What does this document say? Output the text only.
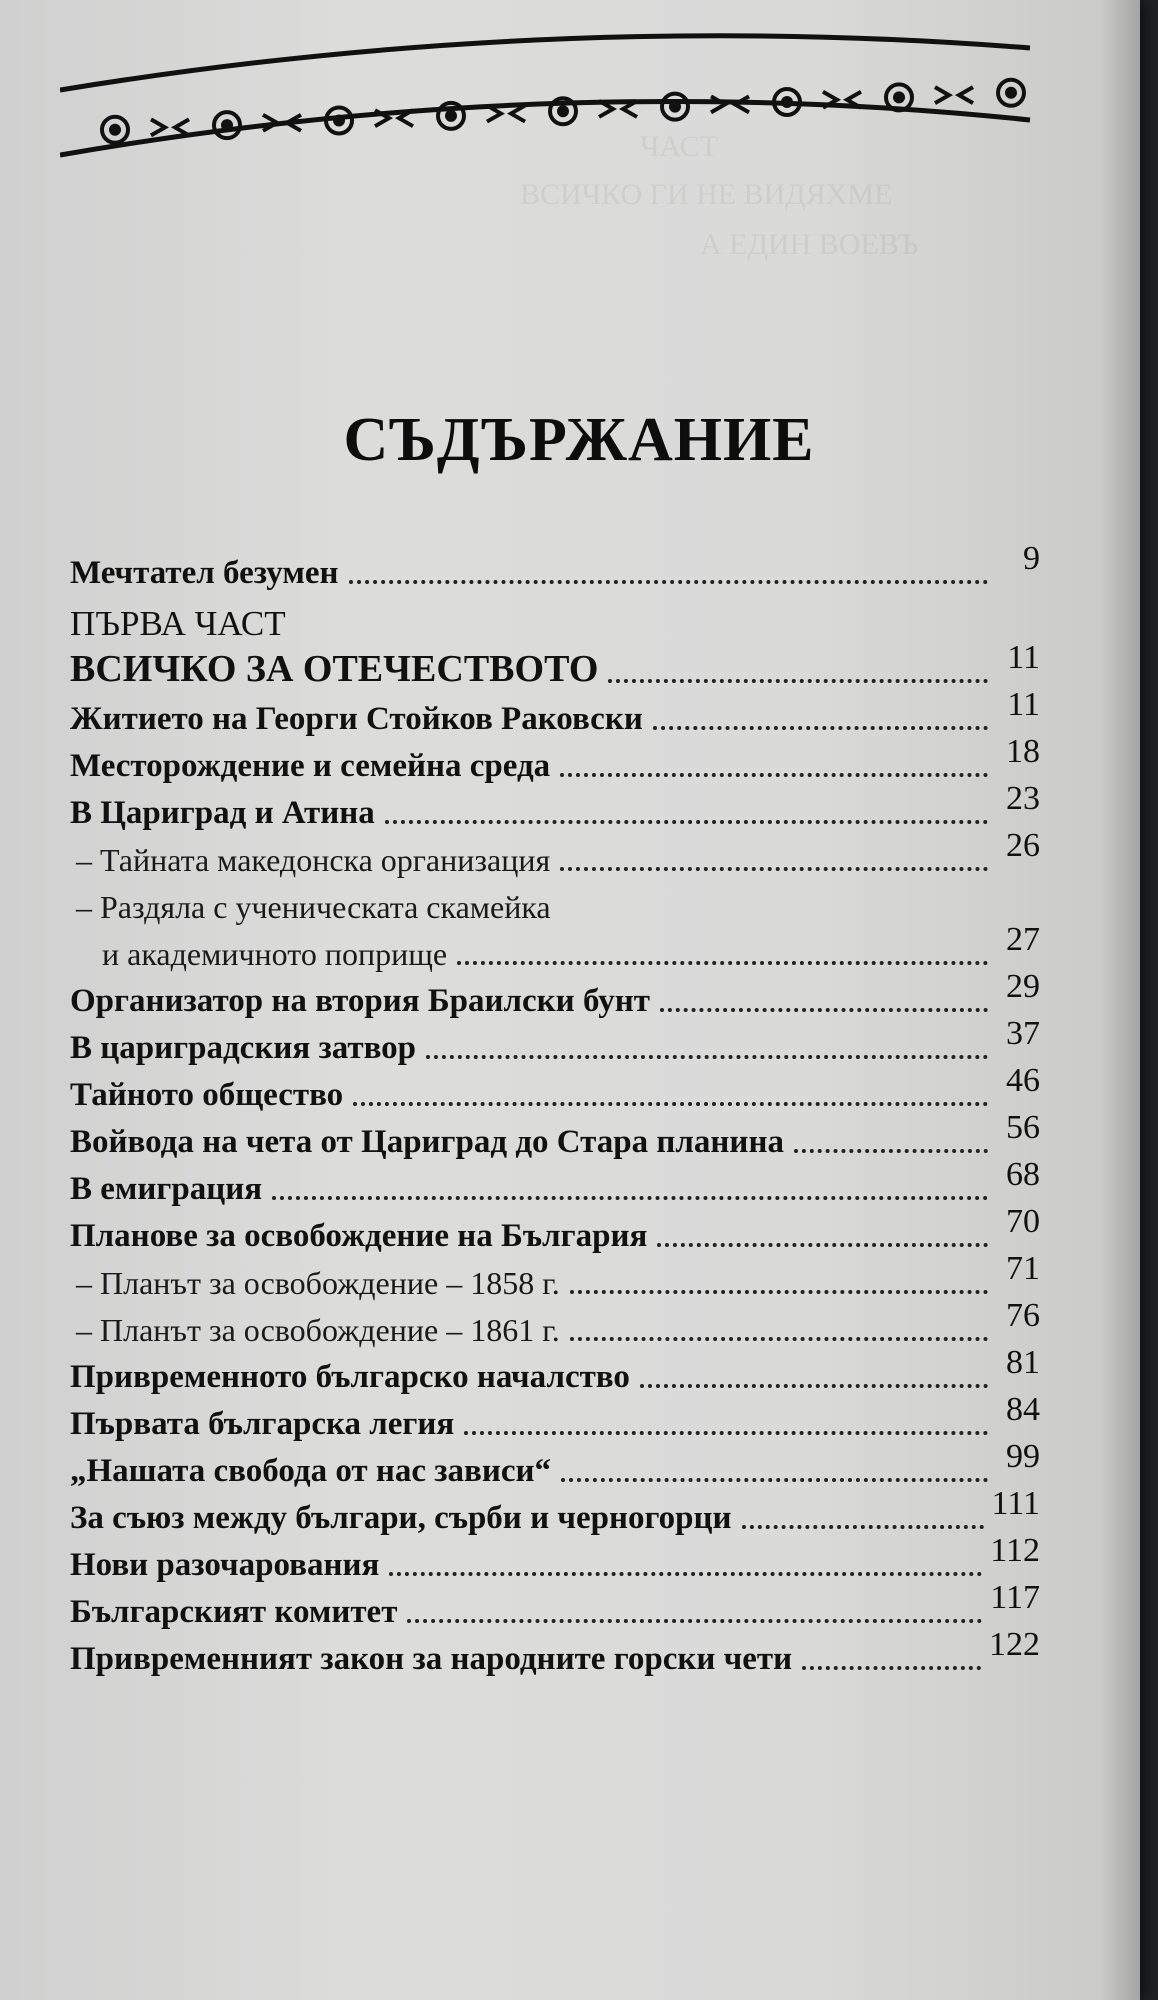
ЧАСТ
ВСИЧКО ГИ НЕ ВИДЯХМЕ
А ЕДИН ВОЕВЪ
СЪДЪРЖАНИЕ
Мечтател безумен	9
ПЪРВА ЧАСТ
ВСИЧКО ЗА ОТЕЧЕСТВОТО	11
Житието на Георги Стойков Раковски	11
Месторождение и семейна среда	18
В Цариград и Атина	23
– Тайната македонска организация	26
– Раздяла с ученическата скамейка
и академичното поприще	27
Организатор на втория Браилски бунт	29
В цариградския затвор	37
Тайното общество	46
Войвода на чета от Цариград до Стара планина	56
В емиграция	68
Планове за освобождение на България	70
– Планът за освобождение – 1858 г.	71
– Планът за освобождение – 1861 г.	76
Привременното българско началство	81
Първата българска легия	84
„Нашата свобода от нас зависи“	99
За съюз между българи, сърби и черногорци	111
Нови разочарования	112
Българският комитет	117
Привременният закон за народните горски чети	122
